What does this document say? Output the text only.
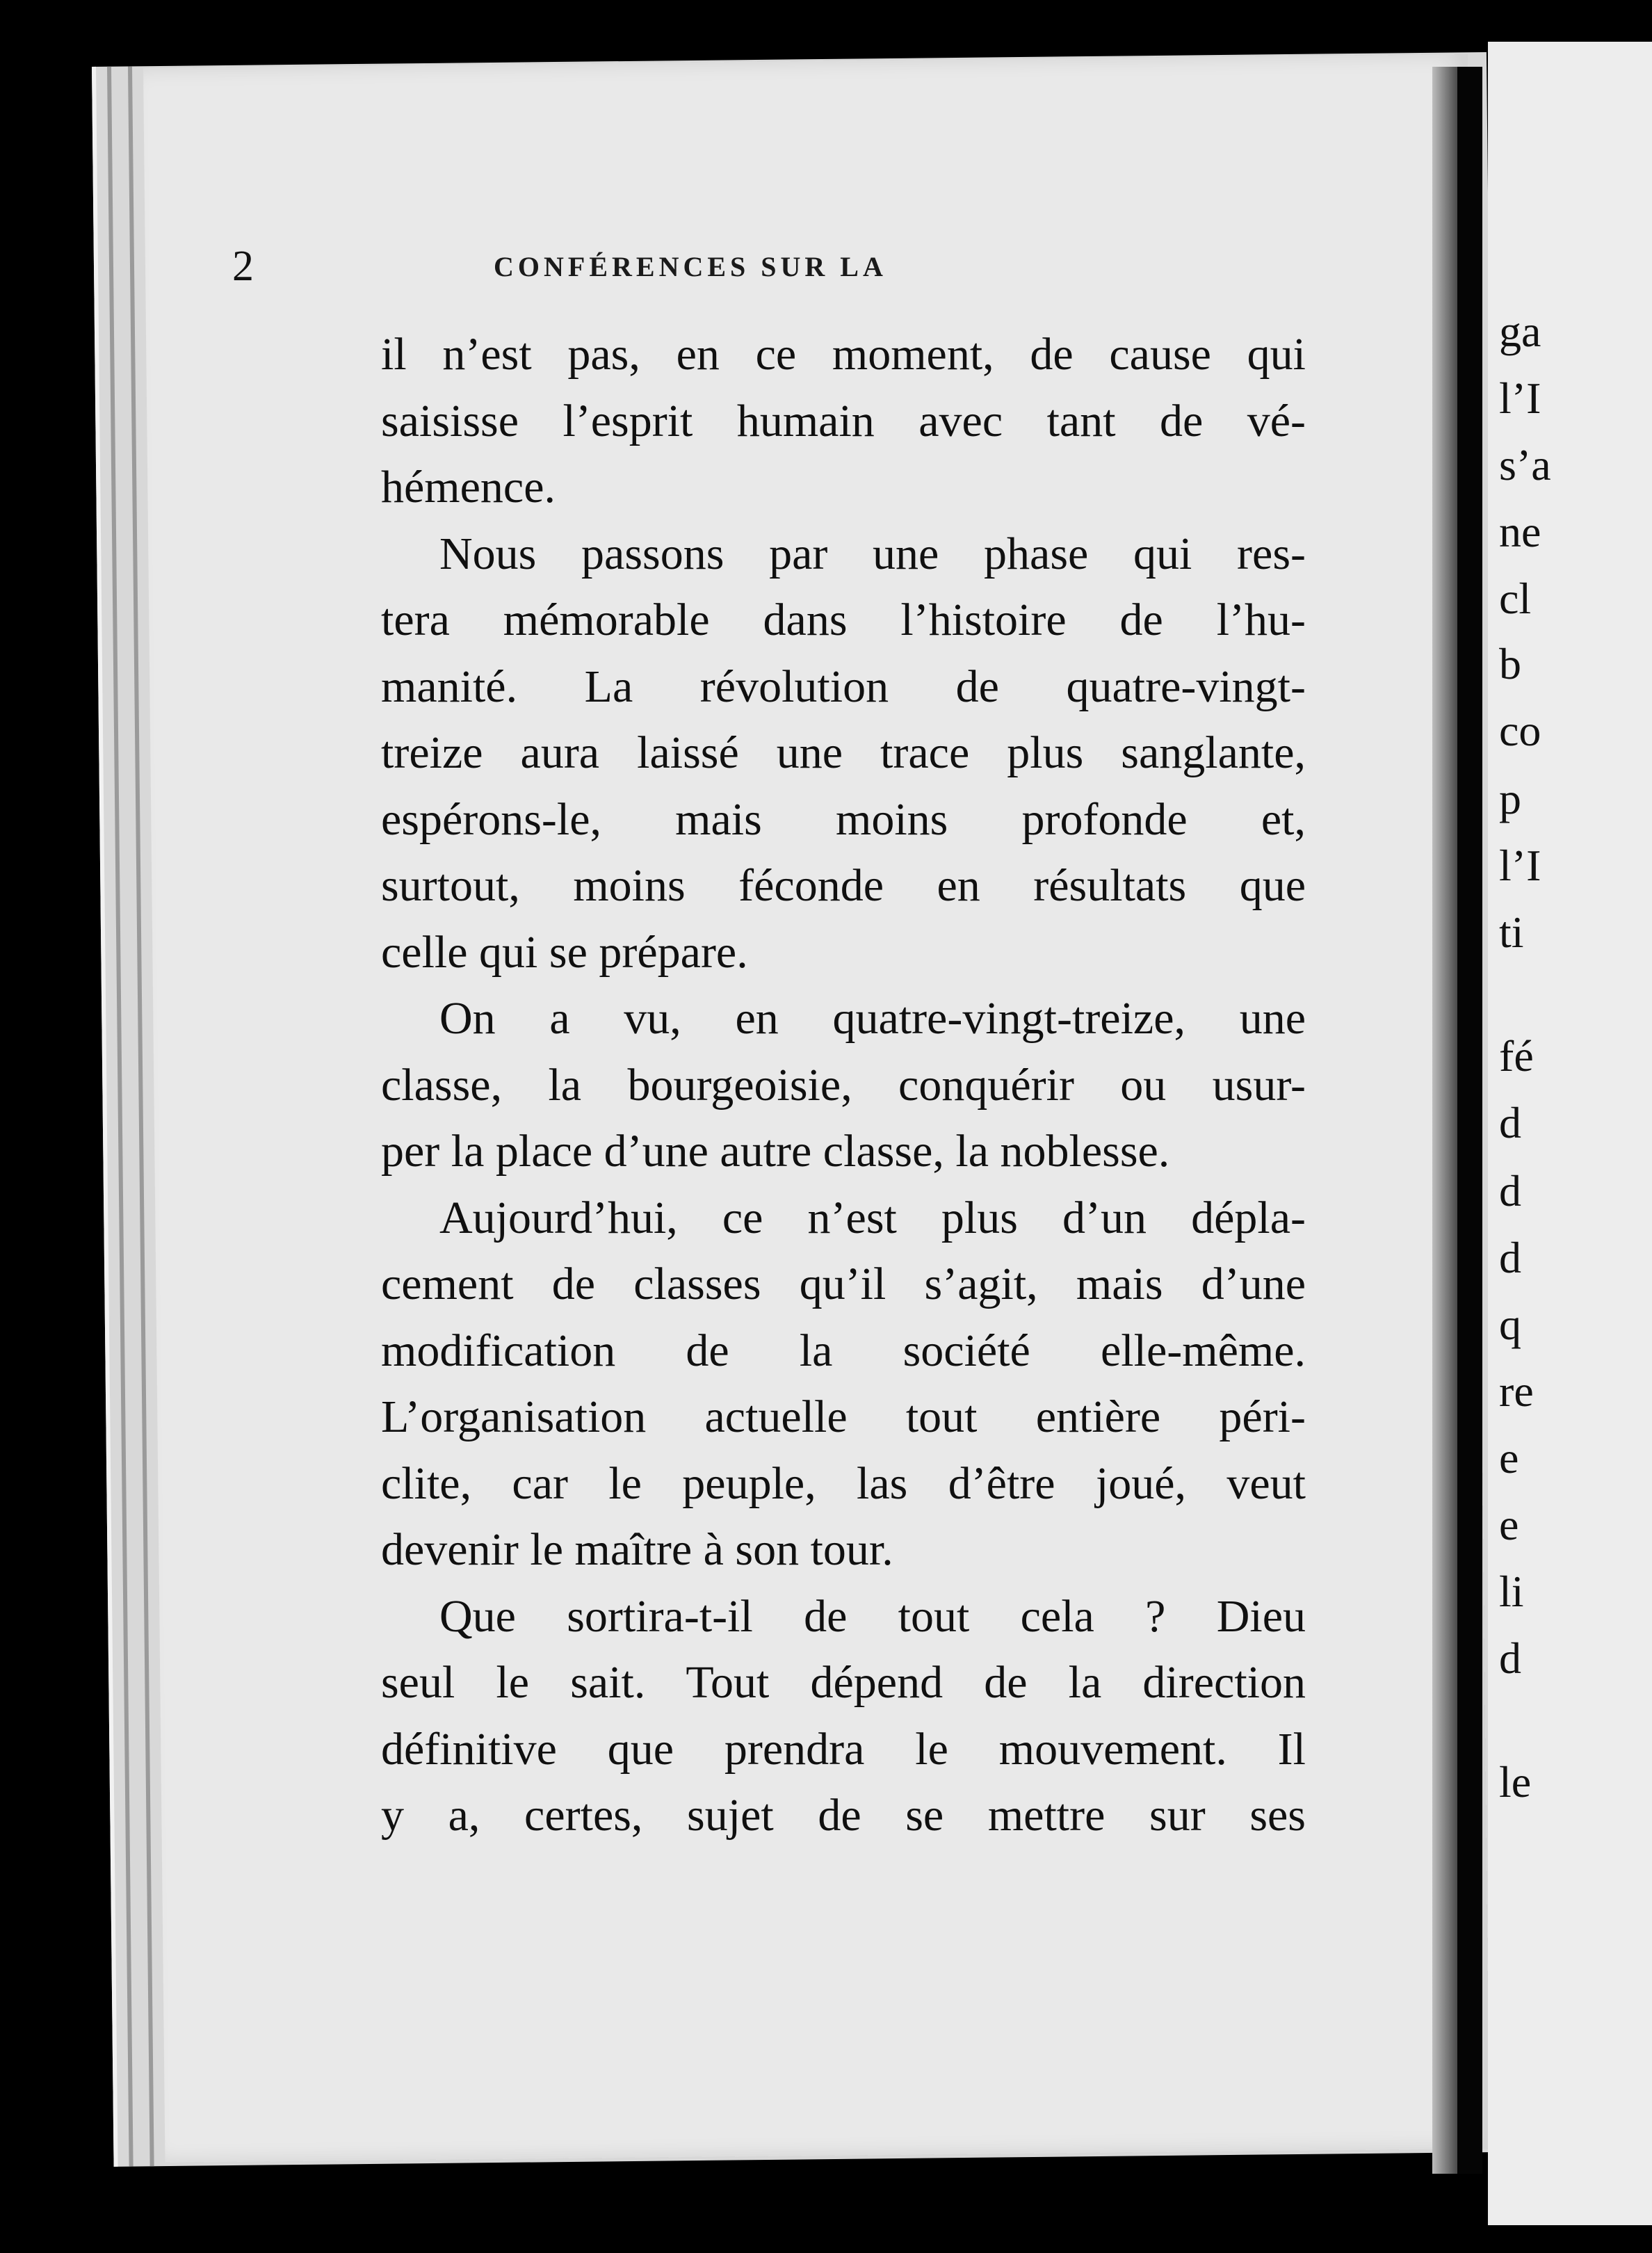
2	CONFÉRENCES SUR LA
il n’est pas, en ce moment, de cause qui
saisisse l’esprit humain avec tant de vé-
hémence.
Nous passons par une phase qui res-
tera mémorable dans l’histoire de l’hu-
manité. La révolution de quatre-vingt-
treize aura laissé une trace plus sanglante,
espérons-le, mais moins profonde et,
surtout, moins féconde en résultats que
celle qui se prépare.
On a vu, en quatre-vingt-treize, une
classe, la bourgeoisie, conquérir ou usur-
per la place d’une autre classe, la noblesse.
Aujourd’hui, ce n’est plus d’un dépla-
cement de classes qu’il s’agit, mais d’une
modification de la société elle-même.
L’organisation actuelle tout entière péri-
clite, car le peuple, las d’être joué, veut
devenir le maître à son tour.
Que sortira-t-il de tout cela ? Dieu
seul le sait. Tout dépend de la direction
définitive que prendra le mouvement. Il
y a, certes, sujet de se mettre sur ses
ga
l’I
s’a
ne
cl
b
co
p
l’I
ti
fé
d
d
d
q
re
e
e
li
d
le
